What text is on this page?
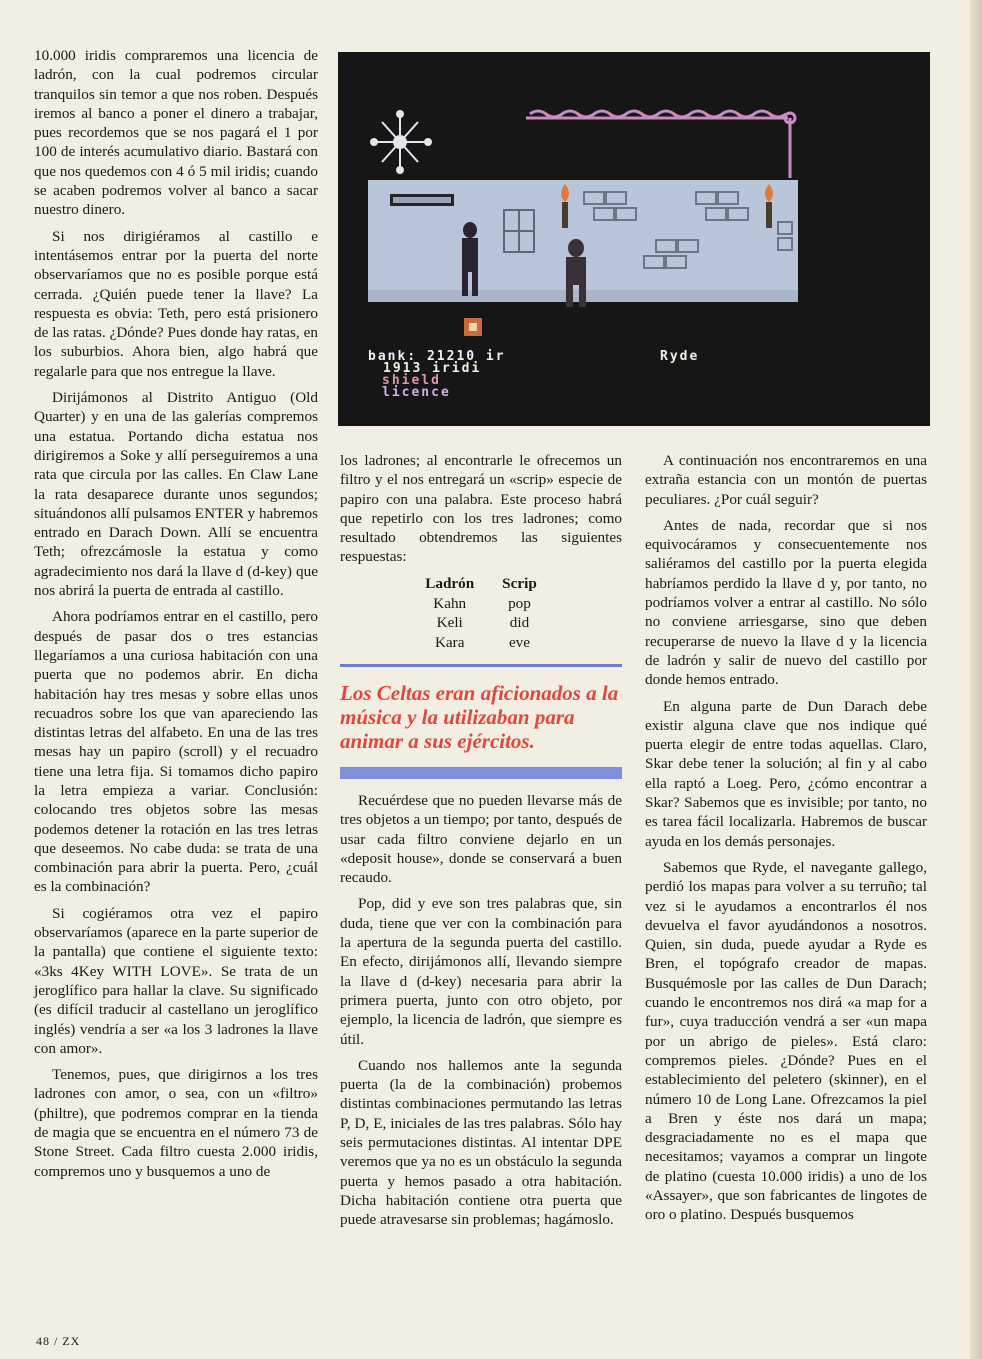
10.000 iridis compraremos una licencia de ladrón, con la cual podremos circular tranquilos sin temor a que nos roben. Después iremos al banco a poner el dinero a trabajar, pues recordemos que se nos pagará el 1 por 100 de interés acumulativo diario. Bastará con que nos quedemos con 4 ó 5 mil iridis; cuando se acaben podremos volver al banco a sacar nuestro dinero.

Si nos dirigiéramos al castillo e intentásemos entrar por la puerta del norte observaríamos que no es posible porque está cerrada. ¿Quién puede tener la llave? La respuesta es obvia: Teth, pero está prisionero de las ratas. ¿Dónde? Pues donde hay ratas, en los suburbios. Ahora bien, algo habrá que regalarle para que nos entregue la llave.

Dirijámonos al Distrito Antiguo (Old Quarter) y en una de las galerías compremos una estatua. Portando dicha estatua nos dirigiremos a Soke y allí perseguiremos a una rata que circula por las calles. En Claw Lane la rata desaparece durante unos segundos; situándonos allí pulsamos ENTER y habremos entrado en Darach Down. Allí se encuentra Teth; ofrezcámosle la estatua y como agradecimiento nos dará la llave d (d-key) que nos abrirá la puerta de entrada al castillo.

Ahora podríamos entrar en el castillo, pero después de pasar dos o tres estancias llegaríamos a una curiosa habitación con una puerta que no podemos abrir. En dicha habitación hay tres mesas y sobre ellas unos recuadros sobre los que van apareciendo las distintas letras del alfabeto. En una de las tres mesas hay un papiro (scroll) y el recuadro tiene una letra fija. Si tomamos dicho papiro la letra empieza a variar. Conclusión: colocando tres objetos sobre las mesas podemos detener la rotación en las tres letras que deseemos. No cabe duda: se trata de una combinación para abrir la puerta. Pero, ¿cuál es la combinación?

Si cogiéramos otra vez el papiro observaríamos (aparece en la parte superior de la pantalla) que contiene el siguiente texto: «3ks 4Key WITH LOVE». Se trata de un jeroglífico para hallar la clave. Su significado (es difícil traducir al castellano un jeroglífico inglés) vendría a ser «a los 3 ladrones la llave con amor».

Tenemos, pues, que dirigirnos a los tres ladrones con amor, o sea, con un «filtro» (philtre), que podremos comprar en la tienda de magia que se encuentra en el número 73 de Stone Street. Cada filtro cuesta 2.000 iridis, compremos uno y busquemos a uno de

bank: 21210 ir
1913 iridi
shield
licence
Ryde

los ladrones; al encontrarle le ofrecemos un filtro y el nos entregará un «scrip» especie de papiro con una palabra. Este proceso habrá que repetirlo con los tres ladrones; como resultado obtendremos las siguientes respuestas:

Ladrón	Scrip
Kahn	pop
Keli	did
Kara	eve
Los Celtas eran aficionados a la música y la utilizaban para animar a sus ejércitos.

Recuérdese que no pueden llevarse más de tres objetos a un tiempo; por tanto, después de usar cada filtro conviene dejarlo en un «deposit house», donde se conservará a buen recaudo.

Pop, did y eve son tres palabras que, sin duda, tiene que ver con la combinación para la apertura de la segunda puerta del castillo. En efecto, dirijámonos allí, llevando siempre la llave d (d-key) necesaria para abrir la primera puerta, junto con otro objeto, por ejemplo, la licencia de ladrón, que siempre es útil.

Cuando nos hallemos ante la segunda puerta (la de la combinación) probemos distintas combinaciones permutando las letras P, D, E, iniciales de las tres palabras. Sólo hay seis permutaciones distintas. Al intentar DPE veremos que ya no es un obstáculo la segunda puerta y hemos pasado a otra habitación. Dicha habitación contiene otra puerta que puede atravesarse sin problemas; hagámoslo.

A continuación nos encontraremos en una extraña estancia con un montón de puertas peculiares. ¿Por cuál seguir?

Antes de nada, recordar que si nos equivocáramos y consecuentemente nos saliéramos del castillo por la puerta elegida habríamos perdido la llave d y, por tanto, no podríamos volver a entrar al castillo. No sólo no conviene arriesgarse, sino que deben recuperarse de nuevo la llave d y la licencia de ladrón y salir de nuevo del castillo por donde hemos entrado.

En alguna parte de Dun Darach debe existir alguna clave que nos indique qué puerta elegir de entre todas aquellas. Claro, Skar debe tener la solución; al fin y al cabo ella raptó a Loeg. Pero, ¿cómo encontrar a Skar? Sabemos que es invisible; por tanto, no es tarea fácil localizarla. Habremos de buscar ayuda en los demás personajes.

Sabemos que Ryde, el navegante gallego, perdió los mapas para volver a su terruño; tal vez si le ayudamos a encontrarlos él nos devuelva el favor ayudándonos a nosotros. Quien, sin duda, puede ayudar a Ryde es Bren, el topógrafo creador de mapas. Busquémosle por las calles de Dun Darach; cuando le encontremos nos dirá «a map for a fur», cuya traducción vendrá a ser «un mapa por un abrigo de pieles». Está claro: compremos pieles. ¿Dónde? Pues en el establecimiento del peletero (skinner), en el número 10 de Long Lane. Ofrezcamos la piel a Bren y éste nos dará un mapa; desgraciadamente no es el mapa que necesitamos; vayamos a comprar un lingote de platino (cuesta 10.000 iridis) a uno de los «Assayer», que son fabricantes de lingotes de oro o platino. Después busquemos

48 / ZX
